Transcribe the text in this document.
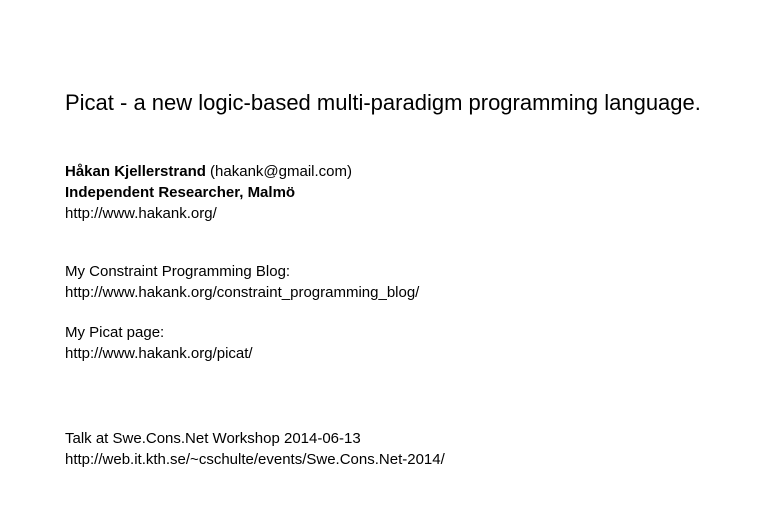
Picat - a new logic-based multi-paradigm programming language.
Håkan Kjellerstrand (hakank@gmail.com)
Independent Researcher, Malmö
http://www.hakank.org/
My Constraint Programming Blog:
http://www.hakank.org/constraint_programming_blog/
My Picat page:
http://www.hakank.org/picat/
Talk at Swe.Cons.Net Workshop 2014-06-13
http://web.it.kth.se/~cschulte/events/Swe.Cons.Net-2014/
